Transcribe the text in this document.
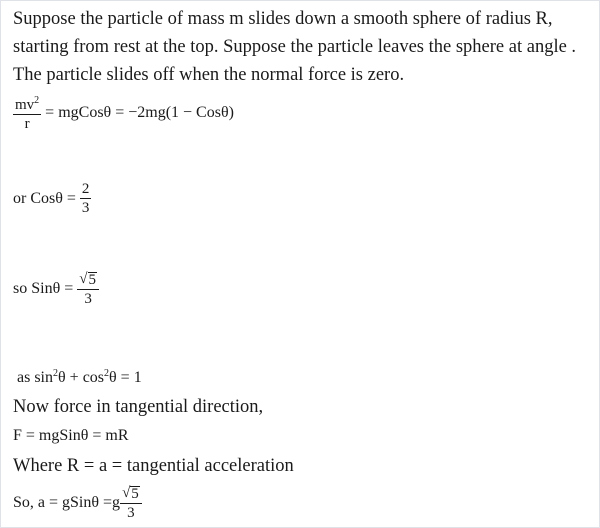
Suppose the particle of mass m slides down a smooth sphere of radius R,
starting from rest at the top. Suppose the particle leaves the sphere at angle .
The particle slides off when the normal force is zero.
$\frac{mv^2}{r}$ = mgCosθ = −2mg(1 − Cosθ)
or $Cos\theta = \frac{2}{3}$
so $Sin\theta = \frac{√ 5}{3}$
as $\sin^2\theta + \cos^2\theta = 1$
Now force in tangential direction,
F = mgSinθ = mR
Where R = a = tangential acceleration
So, a = gSinθ $=g \frac{√ 5}{3}$
